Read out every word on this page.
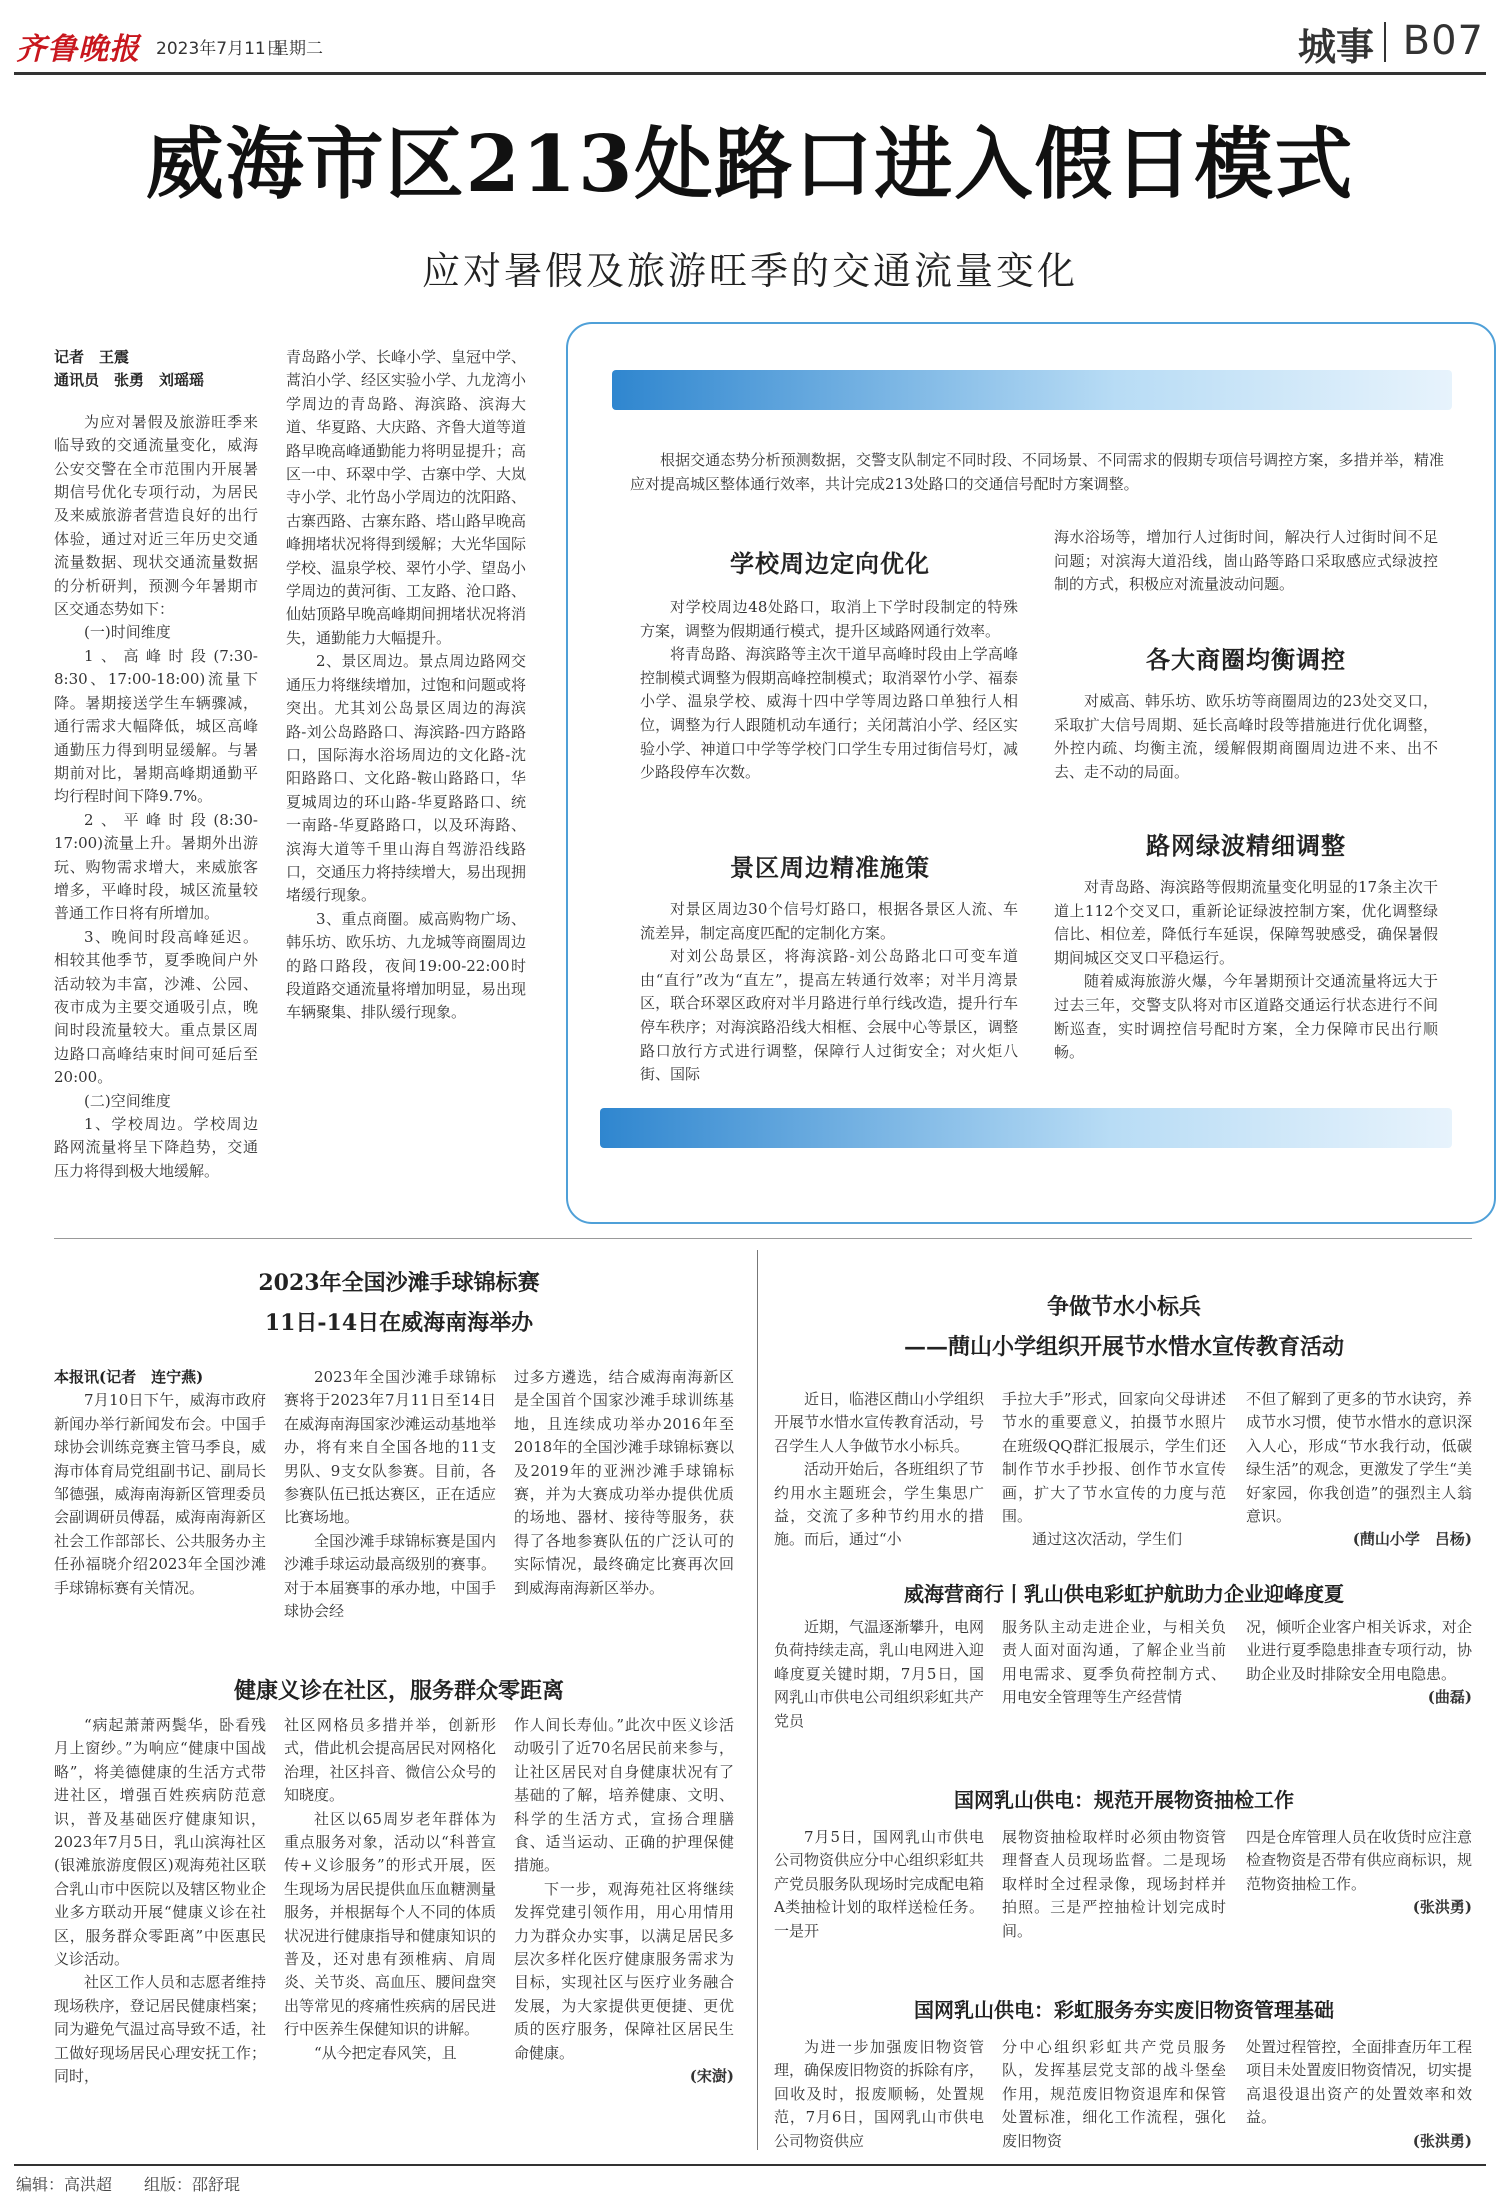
齐鲁晚报 2023年7月11日
星期二	城事 B07
威海市区213处路口进入假日模式
应对暑假及旅游旺季的交通流量变化

记者　王震

通讯员　张勇　刘瑶瑶

为应对暑假及旅游旺季来临导致的交通流量变化，威海公安交警在全市范围内开展暑期信号优化专项行动，为居民及来威旅游者营造良好的出行体验，通过对近三年历史交通流量数据、现状交通流量数据的分析研判，预测今年暑期市区交通态势如下：

(一)时间维度

1、高峰时段(7:30-8:30、17:00-18:00)流量下降。暑期接送学生车辆骤减，通行需求大幅降低，城区高峰通勤压力得到明显缓解。与暑期前对比，暑期高峰期通勤平均行程时间下降9.7%。

2、平峰时段(8:30-17:00)流量上升。暑期外出游玩、购物需求增大，来威旅客增多，平峰时段，城区流量较普通工作日将有所增加。

3、晚间时段高峰延迟。相较其他季节，夏季晚间户外活动较为丰富，沙滩、公园、夜市成为主要交通吸引点，晚间时段流量较大。重点景区周边路口高峰结束时间可延后至20:00。

(二)空间维度

1、学校周边。学校周边路网流量将呈下降趋势，交通压力将得到极大地缓解。

青岛路小学、长峰小学、皇冠中学、蒿泊小学、经区实验小学、九龙湾小学周边的青岛路、海滨路、滨海大道、华夏路、大庆路、齐鲁大道等道路早晚高峰通勤能力将明显提升；高区一中、环翠中学、古寨中学、大岚寺小学、北竹岛小学周边的沈阳路、古寨西路、古寨东路、塔山路早晚高峰拥堵状况将得到缓解；大光华国际学校、温泉学校、翠竹小学、望岛小学周边的黄河街、工友路、沧口路、仙姑顶路早晚高峰期间拥堵状况将消失，通勤能力大幅提升。

2、景区周边。景点周边路网交通压力将继续增加，过饱和问题或将突出。尤其刘公岛景区周边的海滨路-刘公岛路路口、海滨路-四方路路口，国际海水浴场周边的文化路-沈阳路路口、文化路-鞍山路路口，华夏城周边的环山路-华夏路路口、统一南路-华夏路路口，以及环海路、滨海大道等千里山海自驾游沿线路口，交通压力将持续增大，易出现拥堵缓行现象。

3、重点商圈。威高购物广场、韩乐坊、欧乐坊、九龙城等商圈周边的路口路段，夜间19:00-22:00时段道路交通流量将增加明显，易出现车辆聚集、排队缓行现象。

根据交通态势分析预测数据，交警支队制定不同时段、不同场景、不同需求的假期专项信号调控方案，多措并举，精准应对提高城区整体通行效率，共计完成213处路口的交通信号配时方案调整。
学校周边定向优化

对学校周边48处路口，取消上下学时段制定的特殊方案，调整为假期通行模式，提升区域路网通行效率。

将青岛路、海滨路等主次干道早高峰时段由上学高峰控制模式调整为假期高峰控制模式；取消翠竹小学、福泰小学、温泉学校、威海十四中学等周边路口单独行人相位，调整为行人跟随机动车通行；关闭蒿泊小学、经区实验小学、神道口中学等学校门口学生专用过街信号灯，减少路段停车次数。

景区周边精准施策

对景区周边30个信号灯路口，根据各景区人流、车流差异，制定高度匹配的定制化方案。

对刘公岛景区，将海滨路-刘公岛路北口可变车道由“直行”改为“直左”，提高左转通行效率；对半月湾景区，联合环翠区政府对半月路进行单行线改造，提升行车停车秩序；对海滨路沿线大相框、会展中心等景区，调整路口放行方式进行调整，保障行人过街安全；对火炬八街、国际

海水浴场等，增加行人过街时间，解决行人过街时间不足问题；对滨海大道沿线，崮山路等路口采取感应式绿波控制的方式，积极应对流量波动问题。

各大商圈均衡调控

对威高、韩乐坊、欧乐坊等商圈周边的23处交叉口，采取扩大信号周期、延长高峰时段等措施进行优化调整，外控内疏、均衡主流，缓解假期商圈周边进不来、出不去、走不动的局面。

路网绿波精细调整

对青岛路、海滨路等假期流量变化明显的17条主次干道上112个交叉口，重新论证绿波控制方案，优化调整绿信比、相位差，降低行车延误，保障驾驶感受，确保暑假期间城区交叉口平稳运行。

随着威海旅游火爆，今年暑期预计交通流量将远大于过去三年，交警支队将对市区道路交通运行状态进行不间断巡查，实时调控信号配时方案，全力保障市民出行顺畅。

2023年全国沙滩手球锦标赛
11日-14日在威海南海举办

本报讯(记者　连宁燕)

7月10日下午，威海市政府新闻办举行新闻发布会。中国手球协会训练竞赛主管马季良，威海市体育局党组副书记、副局长邹德强，威海南海新区管理委员会副调研员傅磊，威海南海新区社会工作部部长、公共服务办主任孙福晓介绍2023年全国沙滩手球锦标赛有关情况。

2023年全国沙滩手球锦标赛将于2023年7月11日至14日在威海南海国家沙滩运动基地举办，将有来自全国各地的11支男队、9支女队参赛。目前，各参赛队伍已抵达赛区，正在适应比赛场地。

全国沙滩手球锦标赛是国内沙滩手球运动最高级别的赛事。对于本届赛事的承办地，中国手球协会经

过多方遴选，结合威海南海新区是全国首个国家沙滩手球训练基地，且连续成功举办2016年至2018年的全国沙滩手球锦标赛以及2019年的亚洲沙滩手球锦标赛，并为大赛成功举办提供优质的场地、器材、接待等服务，获得了各地参赛队伍的广泛认可的实际情况，最终确定比赛再次回到威海南海新区举办。

健康义诊在社区，服务群众零距离

“病起萧萧两鬓华，卧看残月上窗纱。”为响应“健康中国战略”，将美德健康的生活方式带进社区，增强百姓疾病防范意识，普及基础医疗健康知识，2023年7月5日，乳山滨海社区(银滩旅游度假区)观海苑社区联合乳山市中医院以及辖区物业企业多方联动开展“健康义诊在社区，服务群众零距离”中医惠民义诊活动。

社区工作人员和志愿者维持现场秩序，登记居民健康档案；同为避免气温过高导致不适，社工做好现场居民心理安抚工作；同时，

社区网格员多措并举，创新形式，借此机会提高居民对网格化治理，社区抖音、微信公众号的知晓度。

社区以65周岁老年群体为重点服务对象，活动以“科普宣传+义诊服务”的形式开展，医生现场为居民提供血压血糖测量服务，并根据每个人不同的体质状况进行健康指导和健康知识的普及，还对患有颈椎病、肩周炎、关节炎、高血压、腰间盘突出等常见的疼痛性疾病的居民进行中医养生保健知识的讲解。

“从今把定春风笑，且

作人间长寿仙。”此次中医义诊活动吸引了近70名居民前来参与，让社区居民对自身健康状况有了基础的了解，培养健康、文明、科学的生活方式，宣扬合理膳食、适当运动、正确的护理保健措施。

下一步，观海苑社区将继续发挥党建引领作用，用心用情用力为群众办实事，以满足居民多层次多样化医疗健康服务需求为目标，实现社区与医疗业务融合发展，为大家提供更便捷、更优质的医疗服务，保障社区居民生命健康。

(宋澍)

争做节水小标兵
——蔄山小学组织开展节水惜水宣传教育活动

近日，临港区蔄山小学组织开展节水惜水宣传教育活动，号召学生人人争做节水小标兵。

活动开始后，各班组织了节约用水主题班会，学生集思广益，交流了多种节约用水的措施。而后，通过“小

手拉大手”形式，回家向父母讲述节水的重要意义，拍摄节水照片在班级QQ群汇报展示，学生们还制作节水手抄报、创作节水宣传画，扩大了节水宣传的力度与范围。

通过这次活动，学生们

不但了解到了更多的节水诀窍，养成节水习惯，使节水惜水的意识深入人心，形成“节水我行动，低碳绿生活”的观念，更激发了学生“美好家园，你我创造”的强烈主人翁意识。

(蔄山小学　吕杨)

威海营商行丨乳山供电彩虹护航助力企业迎峰度夏

近期，气温逐渐攀升，电网负荷持续走高，乳山电网进入迎峰度夏关键时期，7月5日，国网乳山市供电公司组织彩虹共产党员

服务队主动走进企业，与相关负责人面对面沟通，了解企业当前用电需求、夏季负荷控制方式、用电安全管理等生产经营情

况，倾听企业客户相关诉求，对企业进行夏季隐患排查专项行动，协助企业及时排除安全用电隐患。

(曲磊)

国网乳山供电：规范开展物资抽检工作

7月5日，国网乳山市供电公司物资供应分中心组织彩虹共产党员服务队现场时完成配电箱A类抽检计划的取样送检任务。一是开

展物资抽检取样时必须由物资管理督查人员现场监督。二是现场取样时全过程录像，现场封样并拍照。三是严控抽检计划完成时间。

四是仓库管理人员在收货时应注意检查物资是否带有供应商标识，规范物资抽检工作。

(张洪勇)

国网乳山供电：彩虹服务夯实废旧物资管理基础

为进一步加强废旧物资管理，确保废旧物资的拆除有序，回收及时，报废顺畅，处置规范，7月6日，国网乳山市供电公司物资供应

分中心组织彩虹共产党员服务队，发挥基层党支部的战斗堡垒作用，规范废旧物资退库和保管处置标准，细化工作流程，强化废旧物资

处置过程管控，全面排查历年工程项目未处置废旧物资情况，切实提高退役退出资产的处置效率和效益。

(张洪勇)

编辑：高洪超 组版：邵舒琨
